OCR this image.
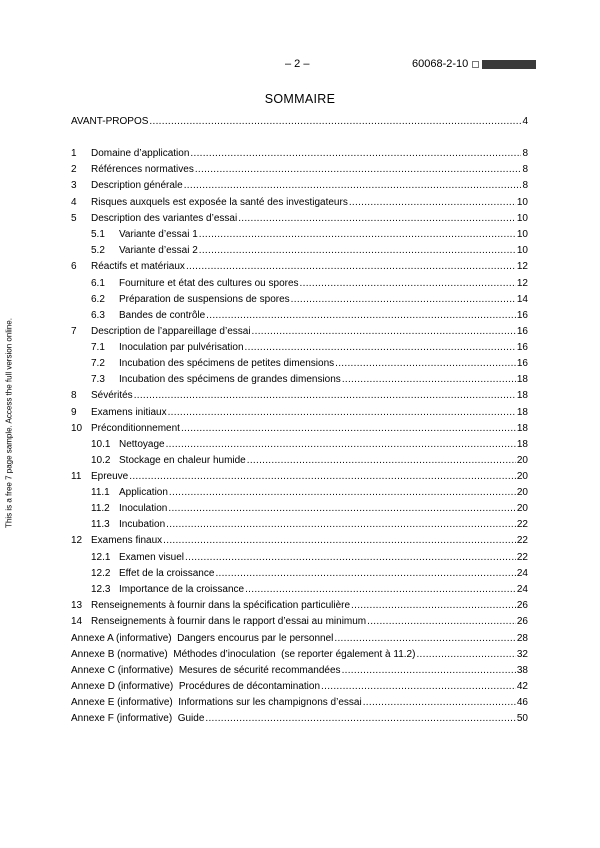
– 2 –	60068-2-10
This is a free 7 page sample. Access the full version online.
SOMMAIRE
AVANT-PROPOS .....	4
1	Domaine d’application .....	8
2	Références normatives .....	8
3	Description générale .....	8
4	Risques auxquels est exposée la santé des investigateurs .....	10
5	Description des variantes d’essai .....	10
5.1	Variante d’essai 1 .....	10
5.2	Variante d’essai 2 .....	10
6	Réactifs et matériaux .....	12
6.1	Fourniture et état des cultures ou spores .....	12
6.2	Préparation de suspensions de spores .....	14
6.3	Bandes de contrôle .....	16
7	Description de l’appareillage d’essai .....	16
7.1	Inoculation par pulvérisation .....	16
7.2	Incubation des spécimens de petites dimensions .....	16
7.3	Incubation des spécimens de grandes dimensions .....	18
8	Sévérités .....	18
9	Examens initiaux .....	18
10 Préconditionnement .....	18
10.1 Nettoyage .....	18
10.2 Stockage en chaleur humide .....	20
11 Epreuve .....	20
11.1 Application .....	20
11.2 Inoculation .....	20
11.3 Incubation .....	22
12 Examens finaux .....	22
12.1 Examen visuel .....	22
12.2 Effet de la croissance .....	24
12.3 Importance de la croissance .....	24
13 Renseignements à fournir dans la spécification particulière .....	26
14 Renseignements à fournir dans le rapport d’essai au minimum .....	26
Annexe A (informative)  Dangers encourus par le personnel .....	28
Annexe B (normative)  Méthodes d’inoculation  (se reporter également à 11.2) .....	32
Annexe C (informative)  Mesures de sécurité recommandées .....	38
Annexe D (informative)  Procédures de décontamination .....	42
Annexe E (informative)  Informations sur les champignons d’essai .....	46
Annexe F (informative)  Guide .....	50
